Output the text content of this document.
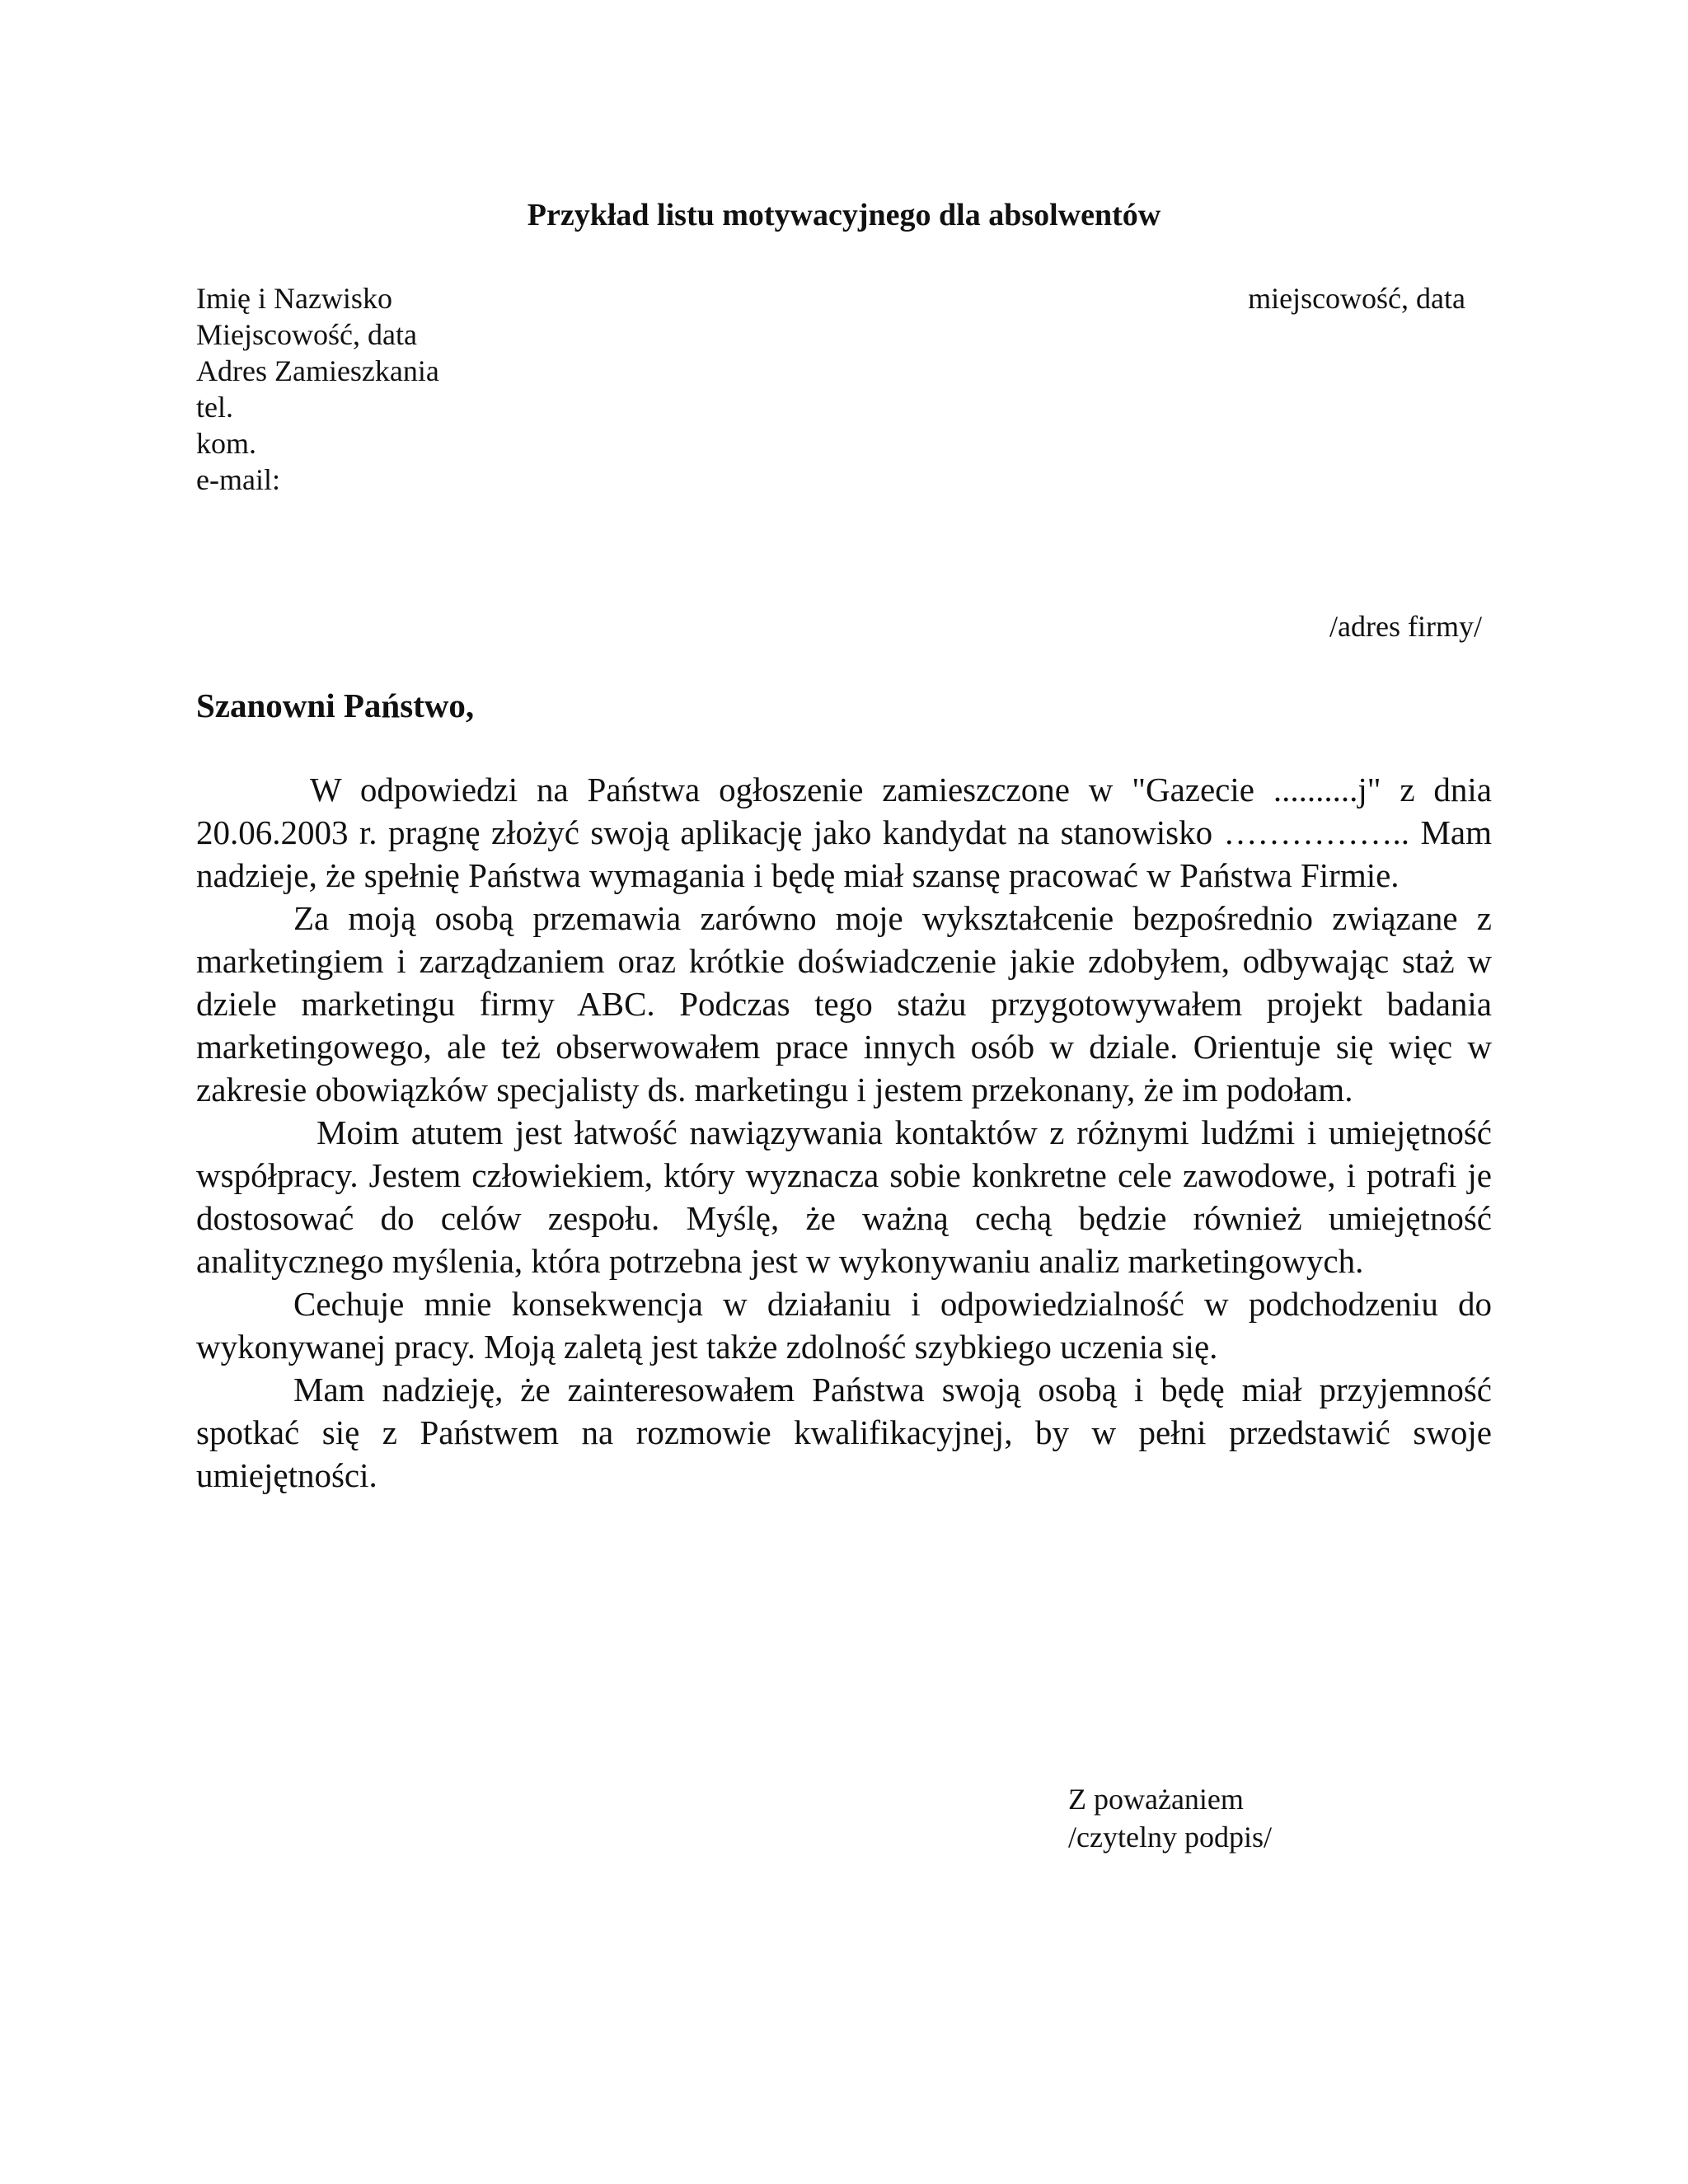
Przykład listu motywacyjnego dla absolwentów
Imię i Nazwisko
Miejscowość, data
Adres Zamieszkania
tel.
kom.
e-mail:
miejscowość, data
/adres firmy/
Szanowni Państwo,

W odpowiedzi na Państwa ogłoszenie zamieszczone w "Gazecie ..........j" z dnia 20.06.2003 r. pragnę złożyć swoją aplikację jako kandydat na stanowisko …………….. Mam nadzieje, że spełnię Państwa wymagania i będę miał szansę pracować w Państwa Firmie.

Za moją osobą przemawia zarówno moje wykształcenie bezpośrednio związane z marketingiem i zarządzaniem oraz krótkie doświadczenie jakie zdobyłem, odbywając staż w dziele marketingu firmy ABC. Podczas tego stażu przygotowywałem projekt badania marketingowego, ale też obserwowałem prace innych osób w dziale. Orientuje się więc w zakresie obowiązków specjalisty ds. marketingu i jestem przekonany, że im podołam.

Moim atutem jest łatwość nawiązywania kontaktów z różnymi ludźmi i umiejętność współpracy. Jestem człowiekiem, który wyznacza sobie konkretne cele zawodowe, i potrafi je dostosować do celów zespołu. Myślę, że ważną cechą będzie również umiejętność analitycznego myślenia, która potrzebna jest w wykonywaniu analiz marketingowych.

Cechuje mnie konsekwencja w działaniu i odpowiedzialność w podchodzeniu do wykonywanej pracy. Moją zaletą jest także zdolność szybkiego uczenia się.

Mam nadzieję, że zainteresowałem Państwa swoją osobą i będę miał przyjemność spotkać się z Państwem na rozmowie kwalifikacyjnej, by w pełni przedstawić swoje umiejętności.

Z poważaniem
/czytelny podpis/
